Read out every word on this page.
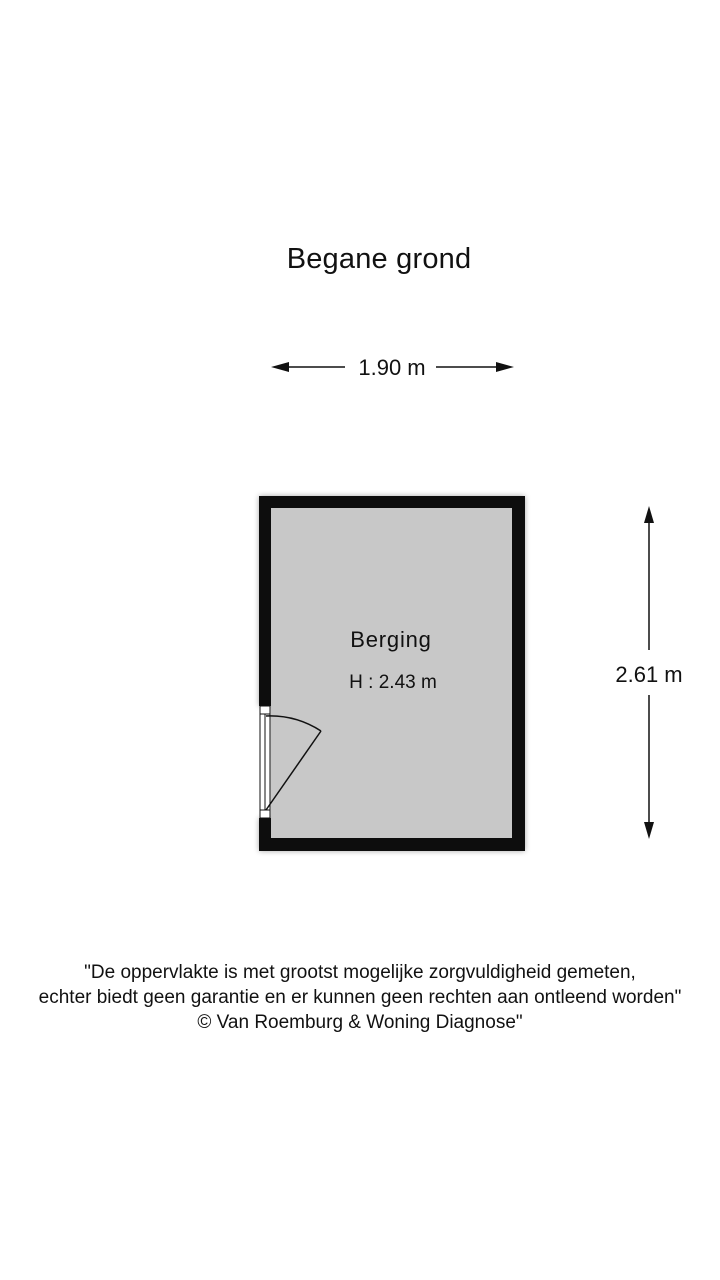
Begane grond
1.90 m
2.61 m
Berging
H : 2.43 m
"De oppervlakte is met grootst mogelijke zorgvuldigheid gemeten,
echter biedt geen garantie en er kunnen geen rechten aan ontleend worden"
© Van Roemburg & Woning Diagnose"
